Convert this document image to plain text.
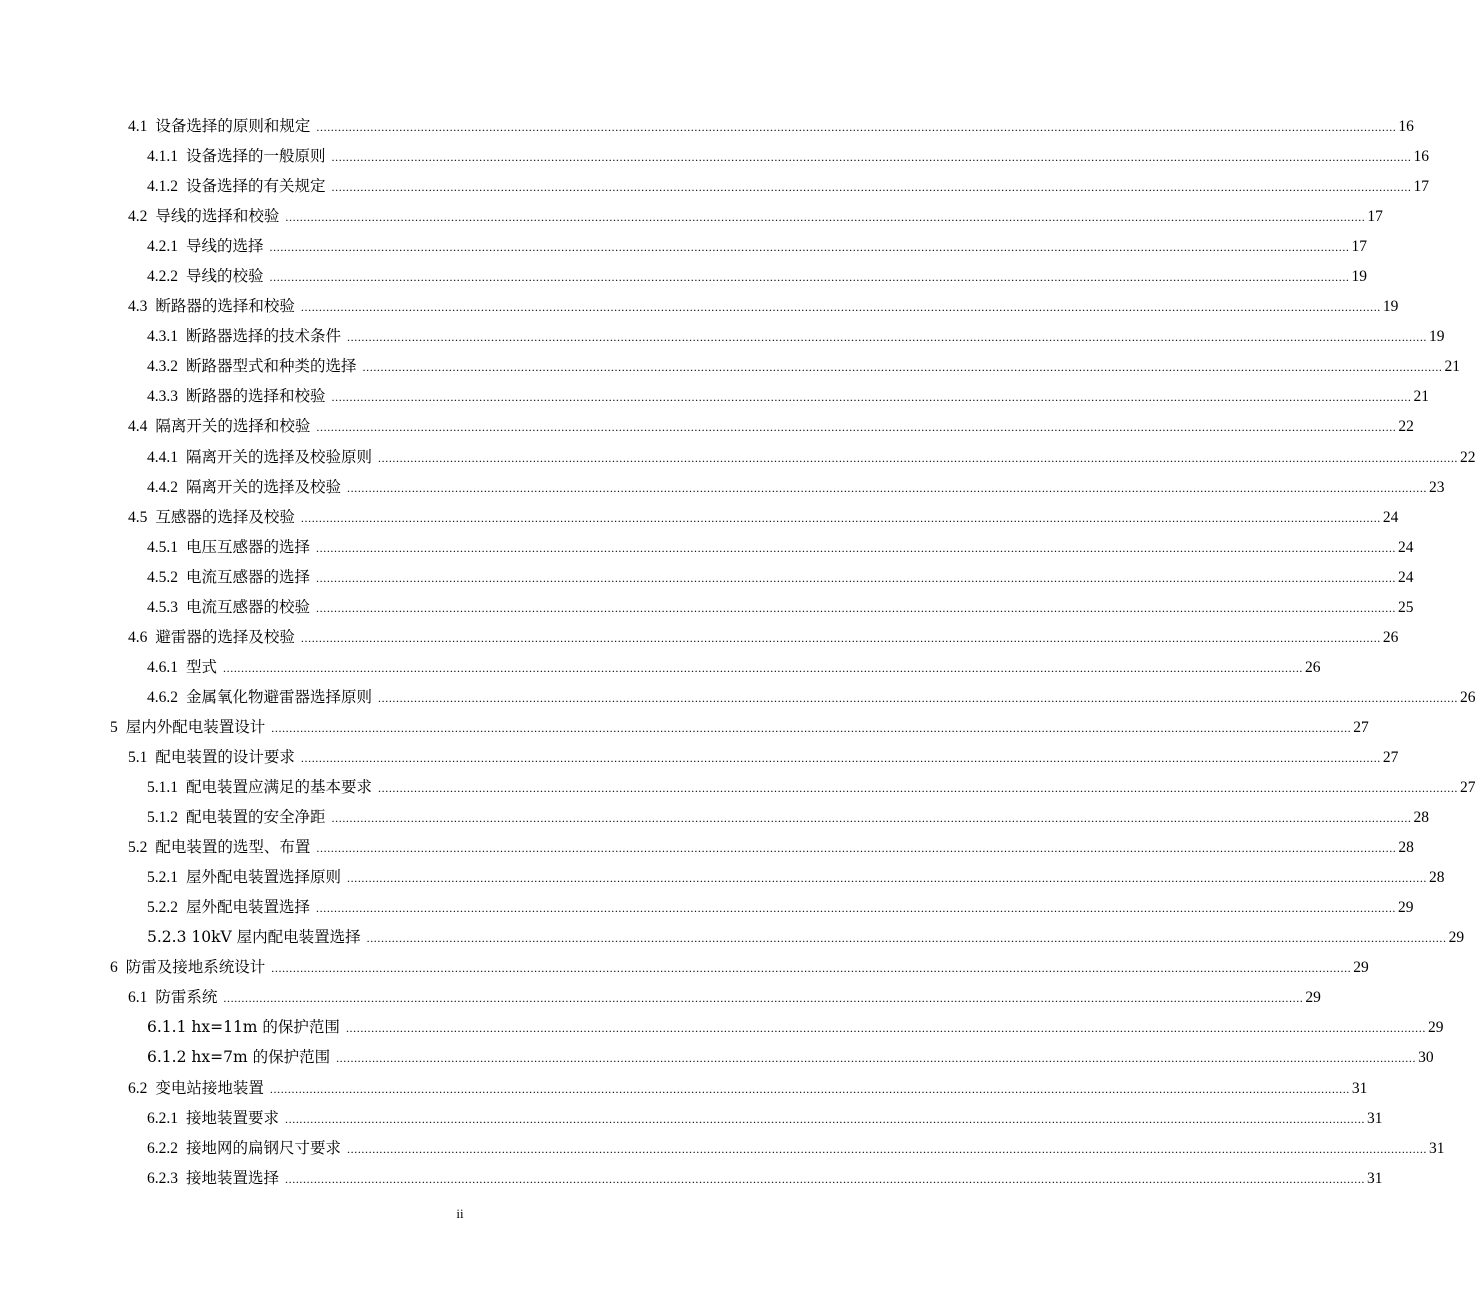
4.1 设备选择的原则和规定 ............................................................................................................................................................................................................................................................................................................ 16
4.1.1 设备选择的一般原则 ............................................................................................................................................................................................................................................................................................................ 16
4.1.2 设备选择的有关规定 ............................................................................................................................................................................................................................................................................................................ 17
4.2 导线的选择和校验 ............................................................................................................................................................................................................................................................................................................ 17
4.2.1 导线的选择 ............................................................................................................................................................................................................................................................................................................ 17
4.2.2 导线的校验 ............................................................................................................................................................................................................................................................................................................ 19
4.3 断路器的选择和校验 ............................................................................................................................................................................................................................................................................................................ 19
4.3.1 断路器选择的技术条件 ............................................................................................................................................................................................................................................................................................................ 19
4.3.2 断路器型式和种类的选择 ............................................................................................................................................................................................................................................................................................................ 21
4.3.3 断路器的选择和校验 ............................................................................................................................................................................................................................................................................................................ 21
4.4 隔离开关的选择和校验 ............................................................................................................................................................................................................................................................................................................ 22
4.4.1 隔离开关的选择及校验原则 ............................................................................................................................................................................................................................................................................................................ 22
4.4.2 隔离开关的选择及校验 ............................................................................................................................................................................................................................................................................................................ 23
4.5 互感器的选择及校验 ............................................................................................................................................................................................................................................................................................................ 24
4.5.1 电压互感器的选择 ............................................................................................................................................................................................................................................................................................................ 24
4.5.2 电流互感器的选择 ............................................................................................................................................................................................................................................................................................................ 24
4.5.3 电流互感器的校验 ............................................................................................................................................................................................................................................................................................................ 25
4.6 避雷器的选择及校验 ............................................................................................................................................................................................................................................................................................................ 26
4.6.1 型式 ............................................................................................................................................................................................................................................................................................................ 26
4.6.2 金属氧化物避雷器选择原则 ............................................................................................................................................................................................................................................................................................................ 26
5 屋内外配电装置设计 ............................................................................................................................................................................................................................................................................................................ 27
5.1 配电装置的设计要求 ............................................................................................................................................................................................................................................................................................................ 27
5.1.1 配电装置应满足的基本要求 ............................................................................................................................................................................................................................................................................................................ 27
5.1.2 配电装置的安全净距 ............................................................................................................................................................................................................................................................................................................ 28
5.2 配电装置的选型、布置 ............................................................................................................................................................................................................................................................................................................ 28
5.2.1 屋外配电装置选择原则 ............................................................................................................................................................................................................................................................................................................ 28
5.2.2 屋外配电装置选择 ............................................................................................................................................................................................................................................................................................................ 29
5.2.3 10kV 屋内配电装置选择 ............................................................................................................................................................................................................................................................................................................ 29
6 防雷及接地系统设计 ............................................................................................................................................................................................................................................................................................................ 29
6.1 防雷系统 ............................................................................................................................................................................................................................................................................................................ 29
6.1.1 hx=11m 的保护范围 ............................................................................................................................................................................................................................................................................................................ 29
6.1.2 hx=7m 的保护范围 ............................................................................................................................................................................................................................................................................................................ 30
6.2 变电站接地装置 ............................................................................................................................................................................................................................................................................................................ 31
6.2.1 接地装置要求 ............................................................................................................................................................................................................................................................................................................ 31
6.2.2 接地网的扁钢尺寸要求 ............................................................................................................................................................................................................................................................................................................ 31
6.2.3 接地装置选择 ............................................................................................................................................................................................................................................................................................................ 31
ii
